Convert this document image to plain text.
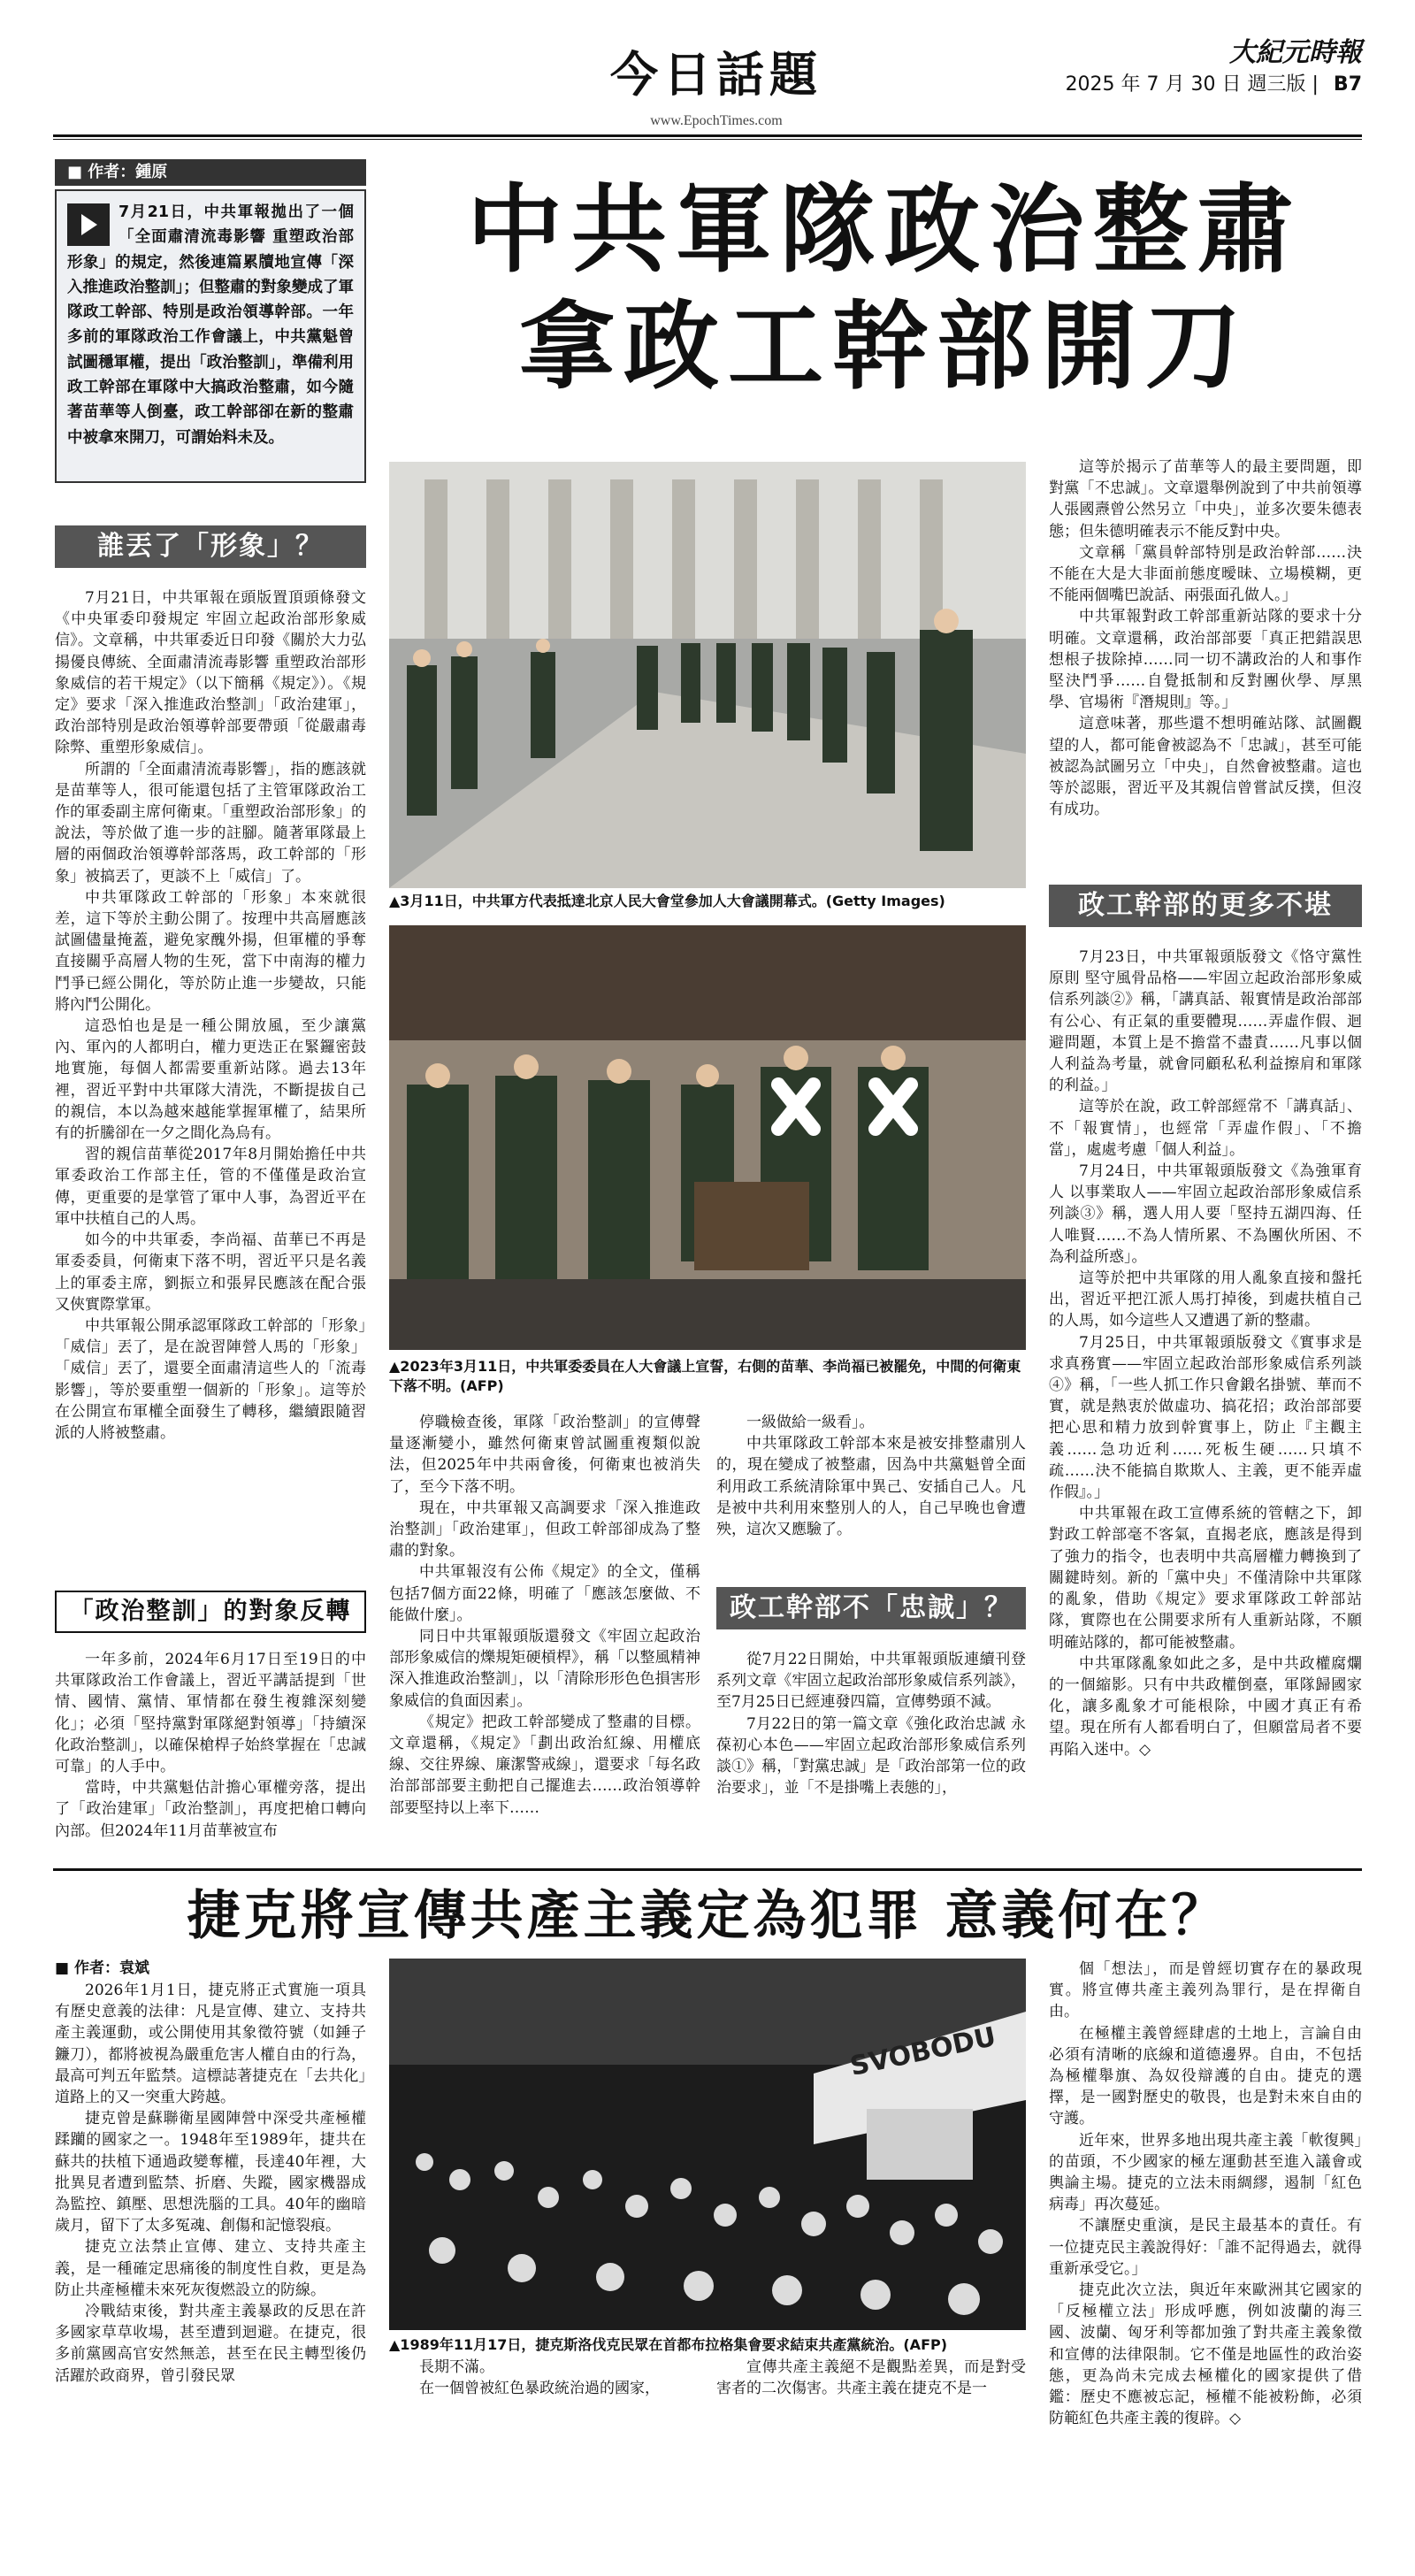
今日話題
www.EpochTimes.com
大紀元時報
2025 年 7 月 30 日 週三版 | B7
■ 作者：鍾原
7月21日，中共軍報拋出了一個「全面肅清流毒影響 重塑政治部形象」的規定，然後連篇累牘地宣傳「深入推進政治整訓」；但整肅的對象變成了軍隊政工幹部、特別是政治領導幹部。一年多前的軍隊政治工作會議上，中共黨魁曾試圖穩軍權，提出「政治整訓」，準備利用政工幹部在軍隊中大搞政治整肅，如今隨著苗華等人倒臺，政工幹部卻在新的整肅中被拿來開刀，可謂始料未及。
中共軍隊政治整肅
拿政工幹部開刀
誰丟了「形象」？

7月21日，中共軍報在頭版置頂頭條發文《中央軍委印發規定 牢固立起政治部形象威信》。文章稱，中共軍委近日印發《關於大力弘揚優良傳統、全面肅清流毒影響 重塑政治部形象威信的若干規定》（以下簡稱《規定》）。《規定》要求「深入推進政治整訓」「政治建軍」，政治部特別是政治領導幹部要帶頭「從嚴肅毒除弊、重塑形象威信」。

所謂的「全面肅清流毒影響」，指的應該就是苗華等人，很可能還包括了主管軍隊政治工作的軍委副主席何衛東。「重塑政治部形象」的說法，等於做了進一步的註腳。隨著軍隊最上層的兩個政治領導幹部落馬，政工幹部的「形象」被搞丟了，更談不上「威信」了。

中共軍隊政工幹部的「形象」本來就很差，這下等於主動公開了。按理中共高層應該試圖儘量掩蓋，避免家醜外揚，但軍權的爭奪直接關乎高層人物的生死，當下中南海的權力鬥爭已經公開化，等於防止進一步變故，只能將內鬥公開化。

這恐怕也是是一種公開放風，至少讓黨內、軍內的人都明白，權力更迭正在緊鑼密鼓地實施，每個人都需要重新站隊。過去13年裡，習近平對中共軍隊大清洗，不斷提拔自己的親信，本以為越來越能掌握軍權了，結果所有的折騰卻在一夕之間化為烏有。

習的親信苗華從2017年8月開始擔任中共軍委政治工作部主任，管的不僅僅是政治宣傳，更重要的是掌管了軍中人事，為習近平在軍中扶植自己的人馬。

如今的中共軍委，李尚福、苗華已不再是軍委委員，何衛東下落不明，習近平只是名義上的軍委主席，劉振立和張昇民應該在配合張又俠實際掌軍。

中共軍報公開承認軍隊政工幹部的「形象」「威信」丟了，是在說習陣營人馬的「形象」「威信」丟了，還要全面肅清這些人的「流毒影響」，等於要重塑一個新的「形象」。這等於在公開宣布軍權全面發生了轉移，繼續跟隨習派的人將被整肅。

「政治整訓」的對象反轉

一年多前，2024年6月17日至19日的中共軍隊政治工作會議上，習近平講話提到「世情、國情、黨情、軍情都在發生複雜深刻變化」；必須「堅持黨對軍隊絕對領導」「持續深化政治整訓」，以確保槍桿子始終掌握在「忠誠可靠」的人手中。

當時，中共黨魁估計擔心軍權旁落，提出了「政治建軍」「政治整訓」，再度把槍口轉向內部。但2024年11月苗華被宣布

▲3月11日，中共軍方代表抵達北京人民大會堂參加人大會議開幕式。(Getty Images)
▲2023年3月11日，中共軍委委員在人大會議上宣誓，右側的苗華、李尚福已被罷免，中間的何衛東下落不明。(AFP)

停職檢查後，軍隊「政治整訓」的宣傳聲量逐漸變小，雖然何衛東曾試圖重複類似說法，但2025年中共兩會後，何衛東也被消失了，至今下落不明。

現在，中共軍報又高調要求「深入推進政治整訓」「政治建軍」，但政工幹部卻成為了整肅的對象。

中共軍報沒有公佈《規定》的全文，僅稱包括7個方面22條，明確了「應該怎麼做、不能做什麼」。

同日中共軍報頭版還發文《牢固立起政治部形象威信的爍規矩硬槓桿》，稱「以整風精神深入推進政治整訓」，以「清除形形色色損害形象威信的負面因素」。

《規定》把政工幹部變成了整肅的目標。文章還稱，《規定》「劃出政治紅線、用權底線、交往界線、廉潔警戒線」，還要求「每名政治部部部要主動把自己擺進去……政治領導幹部要堅持以上率下……

一級做給一級看」。

中共軍隊政工幹部本來是被安排整肅別人的，現在變成了被整肅，因為中共黨魁曾全面利用政工系統清除軍中異己、安插自己人。凡是被中共利用來整別人的人，自己早晚也會遭殃，這次又應驗了。

政工幹部不「忠誠」？

從7月22日開始，中共軍報頭版連續刊登系列文章《牢固立起政治部形象威信系列談》，至7月25日已經連發四篇，宣傳勢頭不減。

7月22日的第一篇文章《強化政治忠誠 永葆初心本色——牢固立起政治部形象威信系列談①》稱，「對黨忠誠」是「政治部第一位的政治要求」，並「不是掛嘴上表態的」，

這等於揭示了苗華等人的最主要問題，即對黨「不忠誠」。文章還舉例說到了中共前領導人張國燾曾公然另立「中央」，並多次要朱德表態；但朱德明確表示不能反對中央。

文章稱「黨員幹部特別是政治幹部……決不能在大是大非面前態度曖昧、立場模糊，更不能兩個嘴巴說話、兩張面孔做人。」

中共軍報對政工幹部重新站隊的要求十分明確。文章還稱，政治部部要「真正把錯誤思想根子拔除掉……同一切不講政治的人和事作堅決鬥爭……自覺抵制和反對團伙學、厚黑學、官場術『潛規則』等。」

這意味著，那些還不想明確站隊、試圖觀望的人，都可能會被認為不「忠誠」，甚至可能被認為試圖另立「中央」，自然會被整肅。這也等於認賬，習近平及其親信曾嘗試反撲，但沒有成功。

政工幹部的更多不堪

7月23日，中共軍報頭版發文《恪守黨性原則 堅守風骨品格——牢固立起政治部形象威信系列談②》稱，「講真話、報實情是政治部部有公心、有正氣的重要體現……弄虛作假、迴避問題，本質上是不擔當不盡責……凡事以個人利益為考量，就會同顧私私利益擦肩和軍隊的利益。」

這等於在說，政工幹部經常不「講真話」、不「報實情」，也經常「弄虛作假」、「不擔當」，處處考慮「個人利益」。

7月24日，中共軍報頭版發文《為強軍育人 以事業取人——牢固立起政治部形象威信系列談③》稱，選人用人要「堅持五湖四海、任人唯賢……不為人情所累、不為團伙所困、不為利益所惑」。

這等於把中共軍隊的用人亂象直接和盤托出，習近平把江派人馬打掉後，到處扶植自己的人馬，如今這些人又遭遇了新的整肅。

7月25日，中共軍報頭版發文《實事求是 求真務實——牢固立起政治部形象威信系列談④》稱，「一些人抓工作只會鍛名掛號、華而不實，就是熱衷於做虛功、搞花招；政治部部要把心思和精力放到幹實事上，防止『主觀主義……急功近利……死板生硬……只填不疏……決不能搞自欺欺人、主義，更不能弄虛作假』。」

中共軍報在政工宣傳系統的管轄之下，卸對政工幹部毫不客氣，直揭老底，應該是得到了強力的指令，也表明中共高層權力轉換到了關鍵時刻。新的「黨中央」不僅清除中共軍隊的亂象，借助《規定》要求軍隊政工幹部站隊，實際也在公開要求所有人重新站隊，不願明確站隊的，都可能被整肅。

中共軍隊亂象如此之多，是中共政權腐爛的一個縮影。只有中共政權倒臺，軍隊歸國家化，讓多亂象才可能根除，中國才真正有希望。現在所有人都看明白了，但願當局者不要再陷入迷中。◇

捷克將宣傳共產主義定為犯罪 意義何在？
■ 作者：袁斌

2026年1月1日，捷克將正式實施一項具有歷史意義的法律：凡是宣傳、建立、支持共產主義運動，或公開使用其象徵符號（如錘子鐮刀），都將被視為嚴重危害人權自由的行為，最高可判五年監禁。這標誌著捷克在「去共化」道路上的又一突重大跨越。

捷克曾是蘇聯衛星國陣營中深受共產極權蹂躪的國家之一。1948年至1989年，捷共在蘇共的扶植下通過政變奪權，長達40年裡，大批異見者遭到監禁、折磨、失蹤，國家機器成為監控、鎮壓、思想洗腦的工具。40年的幽暗歲月，留下了太多冤魂、創傷和記憶裂痕。

捷克立法禁止宣傳、建立、支持共產主義，是一種確定思痛後的制度性自救，更是為防止共產極權未來死灰復燃設立的防線。

冷戰結束後，對共產主義暴政的反思在許多國家草草收場，甚至遭到迴避。在捷克，很多前黨國高官安然無恙，甚至在民主轉型後仍活躍於政商界，曾引發民眾

SVOBODU
▲1989年11月17日，捷克斯洛伐克民眾在首都布拉格集會要求結束共產黨統治。(AFP)

長期不滿。

在一個曾被紅色暴政統治過的國家，

宣傳共產主義絕不是觀點差異，而是對受害者的二次傷害。共產主義在捷克不是一

個「想法」，而是曾經切實存在的暴政現實。將宣傳共產主義列為罪行，是在捍衛自由。

在極權主義曾經肆虐的土地上，言論自由必須有清晰的底線和道德邊界。自由，不包括為極權舉旗、為奴役辯護的自由。捷克的選擇，是一國對歷史的敬畏，也是對未來自由的守護。

近年來，世界多地出現共產主義「軟復興」的苗頭，不少國家的極左運動甚至進入議會或輿論主場。捷克的立法未雨綢繆，遏制「紅色病毒」再次蔓延。

不讓歷史重演，是民主最基本的責任。有一位捷克民主義說得好：「誰不記得過去，就得重新承受它。」

捷克此次立法，與近年來歐洲其它國家的「反極權立法」形成呼應，例如波蘭的海三國、波蘭、匈牙利等都加強了對共產主義象徵和宣傳的法律限制。它不僅是地區性的政治姿態，更為尚未完成去極權化的國家提供了借鑑：歷史不應被忘記，極權不能被粉飾，必須防範紅色共產主義的復辟。◇
